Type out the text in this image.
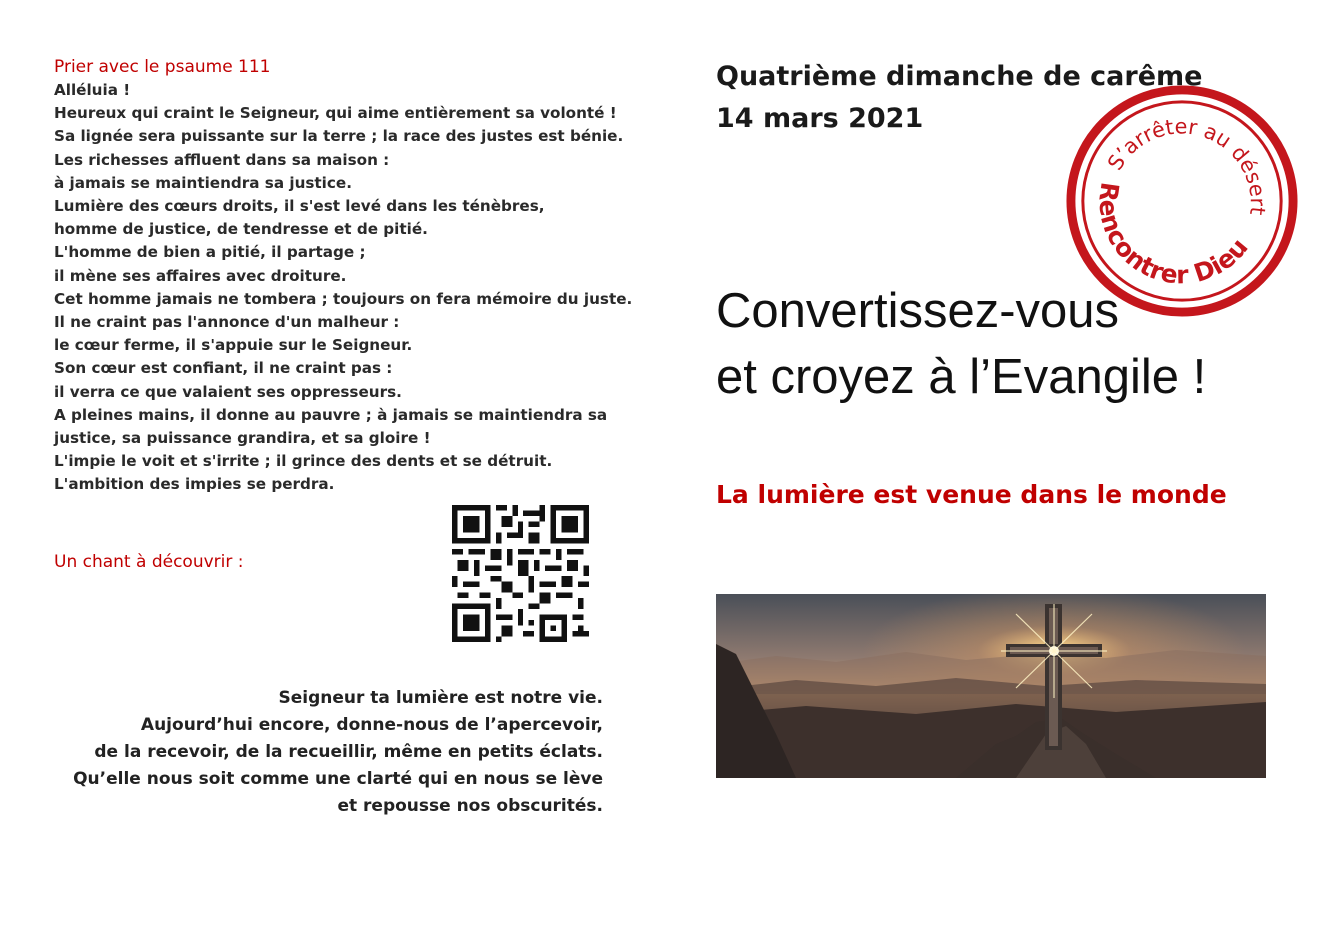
Prier avec le psaume 111
Alléluia !
Heureux qui craint le Seigneur, qui aime entièrement sa volonté !
Sa lignée sera puissante sur la terre ; la race des justes est bénie.
Les richesses affluent dans sa maison :
à jamais se maintiendra sa justice.
Lumière des cœurs droits, il s'est levé dans les ténèbres,
homme de justice, de tendresse et de pitié.
L'homme de bien a pitié, il partage ;
il mène ses affaires avec droiture.
Cet homme jamais ne tombera ; toujours on fera mémoire du juste.
Il ne craint pas l'annonce d'un malheur :
le cœur ferme, il s'appuie sur le Seigneur.
Son cœur est confiant, il ne craint pas :
il verra ce que valaient ses oppresseurs.
A pleines mains, il donne au pauvre ; à jamais se maintiendra sa
justice, sa puissance grandira, et sa gloire !
L'impie le voit et s'irrite ; il grince des dents et se détruit.
L'ambition des impies se perdra.
Un chant à découvrir :
Seigneur ta lumière est notre vie.
Aujourd’hui encore, donne-nous de l’apercevoir,
de la recevoir, de la recueillir, même en petits éclats.
Qu’elle nous soit comme une clarté qui en nous se lève
et repousse nos obscurités.
Quatrième dimanche de carême
14 mars 2021
Convertissez-vous
et croyez à l’Evangile !
La lumière est venue dans le monde
S’arrêter au désert
Rencontrer Dieu
